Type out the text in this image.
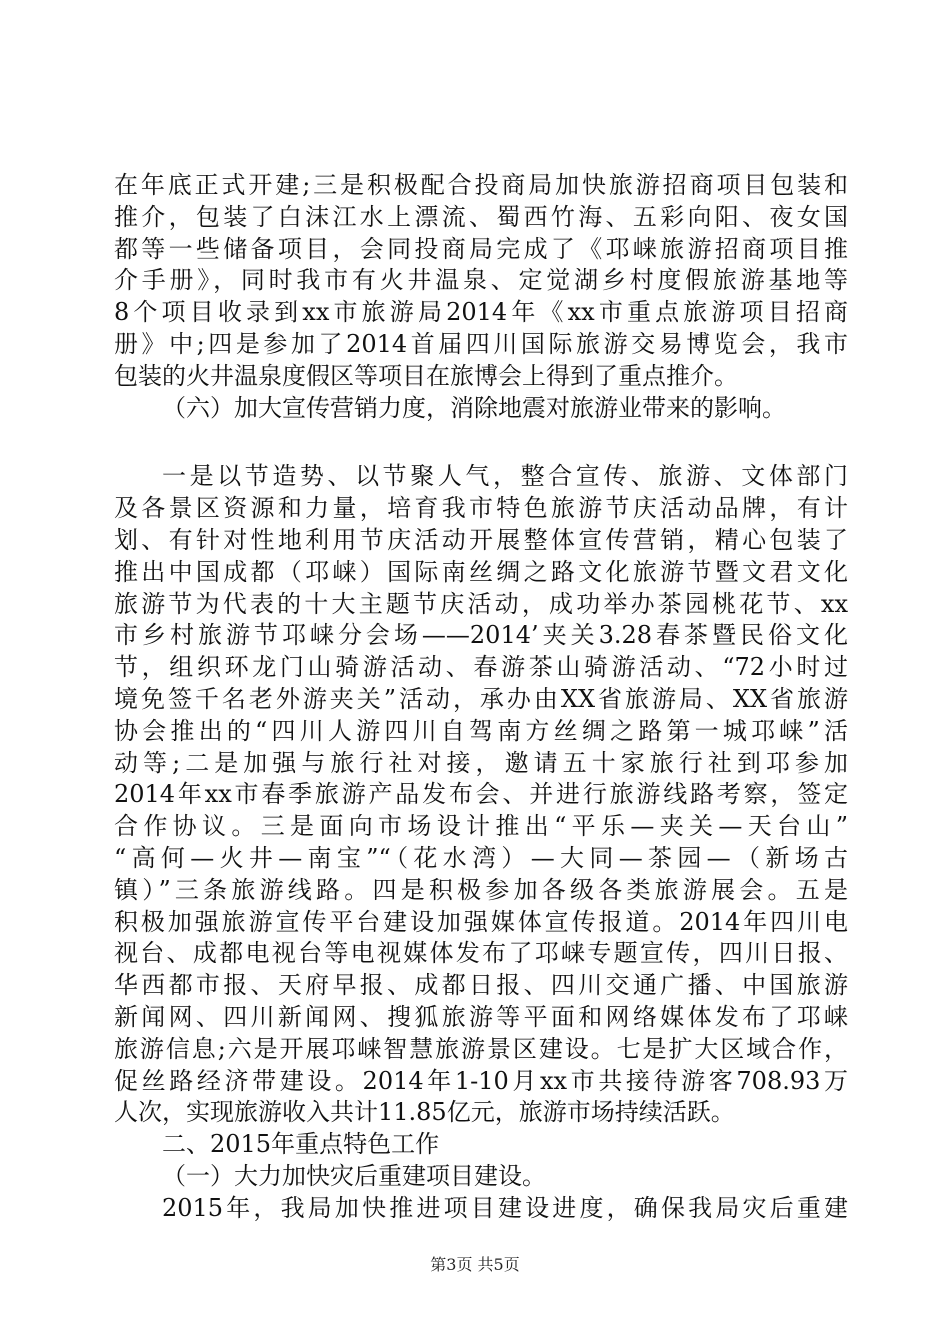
在年底正式开建;三是积极配合投商局加快旅游招商项目包装和
推介，包装了白沫江水上漂流、蜀西竹海、五彩向阳、夜女国
都等一些储备项目，会同投商局完成了《邛崃旅游招商项目推
介手册》，同时我市有火井温泉、定觉湖乡村度假旅游基地等
8个项目收录到xx市旅游局2014年《xx市重点旅游项目招商
册》中;四是参加了2014首届四川国际旅游交易博览会，我市
包装的火井温泉度假区等项目在旅博会上得到了重点推介。
（六）加大宣传营销力度，消除地震对旅游业带来的影响。
一是以节造势、以节聚人气，整合宣传、旅游、文体部门
及各景区资源和力量，培育我市特色旅游节庆活动品牌，有计
划、有针对性地利用节庆活动开展整体宣传营销，精心包装了
推出中国成都（邛崃）国际南丝绸之路文化旅游节暨文君文化
旅游节为代表的十大主题节庆活动，成功举办茶园桃花节、xx
市乡村旅游节邛崃分会场——2014’夹关3.28春茶暨民俗文化
节，组织环龙门山骑游活动、春游茶山骑游活动、“72小时过
境免签千名老外游夹关”活动，承办由XX省旅游局、XX省旅游
协会推出的“四川人游四川自驾南方丝绸之路第一城邛崃”活
动等;二是加强与旅行社对接，邀请五十家旅行社到邛参加
2014年xx市春季旅游产品发布会、并进行旅游线路考察，签定
合作协议。三是面向市场设计推出“平乐—夹关—天台山”
“高何—火井—南宝”“（花水湾）—大同—茶园—（新场古
镇）”三条旅游线路。四是积极参加各级各类旅游展会。五是
积极加强旅游宣传平台建设加强媒体宣传报道。2014年四川电
视台、成都电视台等电视媒体发布了邛崃专题宣传，四川日报、
华西都市报、天府早报、成都日报、四川交通广播、中国旅游
新闻网、四川新闻网、搜狐旅游等平面和网络媒体发布了邛崃
旅游信息;六是开展邛崃智慧旅游景区建设。七是扩大区域合作，
促丝路经济带建设。2014年1-10月xx市共接待游客708.93万
人次，实现旅游收入共计11.85亿元，旅游市场持续活跃。
二、2015年重点特色工作
（一）大力加快灾后重建项目建设。
2015年，我局加快推进项目建设进度，确保我局灾后重建
第3页 共5页
